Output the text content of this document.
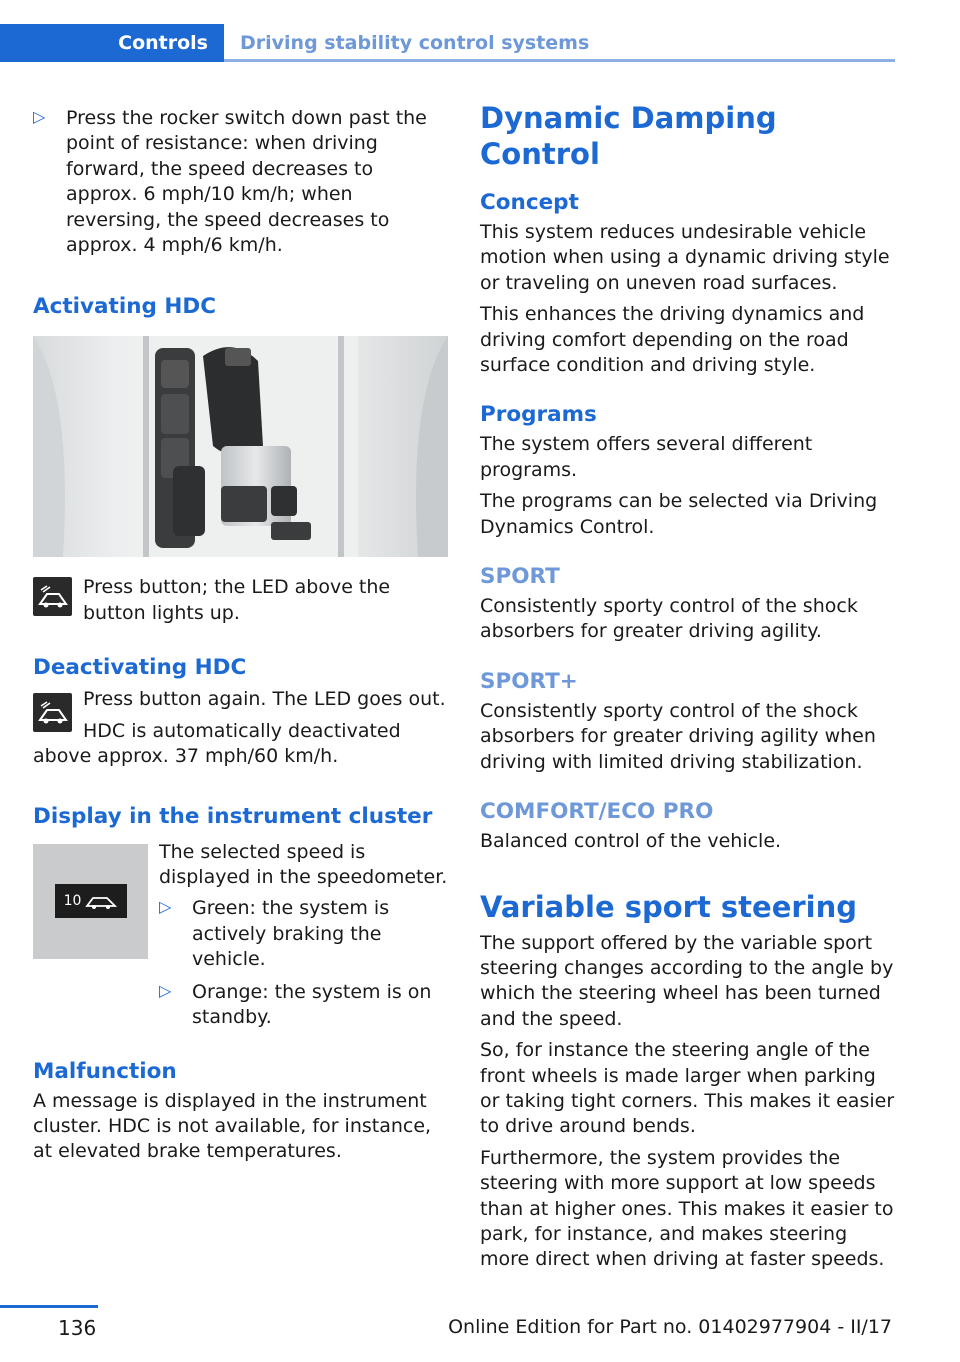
Controls	Driving stability control systems
▷ Press the rocker switch down past the point of resistance: when driving forward, the speed decreases to approx. 6 mph/10 km/h; when reversing, the speed decreases to approx. 4 mph/6 km/h.

Activating HDC

Press button; the LED above the button lights up.

Deactivating HDC

Press button again. The LED goes out.

HDC is automatically deactivated above approx. 37 mph/60 km/h.

Display in the instrument cluster
10

The selected speed is displayed in the speedometer.

▷ Green: the system is actively braking the vehicle.

▷ Orange: the system is on standby.

Malfunction

A message is displayed in the instrument cluster. HDC is not available, for instance, at elevated brake temperatures.

Dynamic Damping Control
Concept

This system reduces undesirable vehicle motion when using a dynamic driving style or traveling on uneven road surfaces.

This enhances the driving dynamics and driving comfort depending on the road surface condition and driving style.

Programs

The system offers several different programs.

The programs can be selected via Driving Dynamics Control.

SPORT

Consistently sporty control of the shock absorbers for greater driving agility.

SPORT+

Consistently sporty control of the shock absorbers for greater driving agility when driving with limited driving stabilization.

COMFORT/ECO PRO

Balanced control of the vehicle.

Variable sport steering

The support offered by the variable sport steering changes according to the angle by which the steering wheel has been turned and the speed.

So, for instance the steering angle of the front wheels is made larger when parking or taking tight corners. This makes it easier to drive around bends.

Furthermore, the system provides the steering with more support at low speeds than at higher ones. This makes it easier to park, for instance, and makes steering more direct when driving at faster speeds.

136	Online Edition for Part no. 01402977904 - II/17
